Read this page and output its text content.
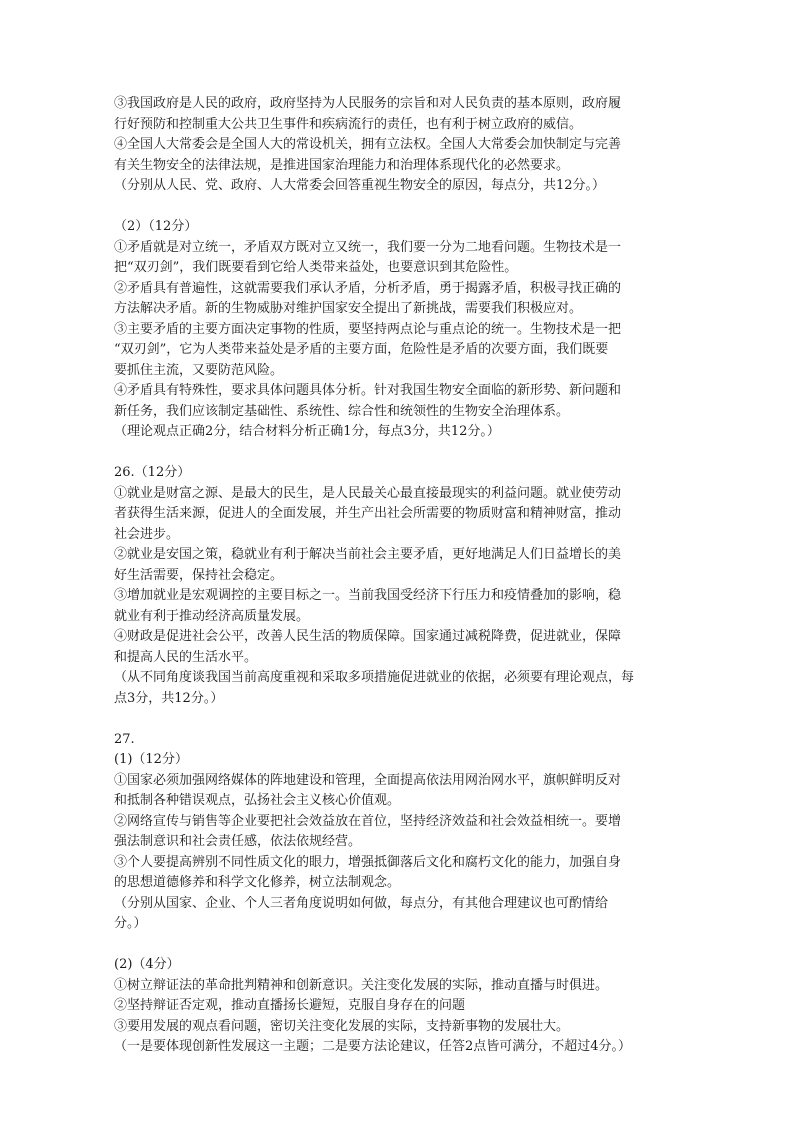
③我国政府是人民的政府，政府坚持为人民服务的宗旨和对人民负责的基本原则，政府履
行好预防和控制重大公共卫生事件和疾病流行的责任，也有利于树立政府的威信。
④全国人大常委会是全国人大的常设机关，拥有立法权。全国人大常委会加快制定与完善
有关生物安全的法律法规，是推进国家治理能力和治理体系现代化的必然要求。
（分别从人民、党、政府、人大常委会回答重视生物安全的原因，每点分，共12分。）
（2）（12分）
①矛盾就是对立统一，矛盾双方既对立又统一，我们要一分为二地看问题。生物技术是一
把“双刃剑”，我们既要看到它给人类带来益处，也要意识到其危险性。
②矛盾具有普遍性，这就需要我们承认矛盾，分析矛盾，勇于揭露矛盾，积极寻找正确的
方法解决矛盾。新的生物威胁对维护国家安全提出了新挑战，需要我们积极应对。
③主要矛盾的主要方面决定事物的性质，要坚持两点论与重点论的统一。生物技术是一把
“双刃剑”，它为人类带来益处是矛盾的主要方面，危险性是矛盾的次要方面，我们既要
要抓住主流，又要防范风险。
④矛盾具有特殊性，要求具体问题具体分析。针对我国生物安全面临的新形势、新问题和
新任务，我们应该制定基础性、系统性、综合性和统领性的生物安全治理体系。
（理论观点正确2分，结合材料分析正确1分，每点3分，共12分。）
26.（12分）
①就业是财富之源、是最大的民生，是人民最关心最直接最现实的利益问题。就业使劳动
者获得生活来源，促进人的全面发展，并生产出社会所需要的物质财富和精神财富，推动
社会进步。
②就业是安国之策，稳就业有利于解决当前社会主要矛盾，更好地满足人们日益增长的美
好生活需要，保持社会稳定。
③增加就业是宏观调控的主要目标之一。当前我国受经济下行压力和疫情叠加的影响，稳
就业有利于推动经济高质量发展。
④财政是促进社会公平，改善人民生活的物质保障。国家通过减税降费，促进就业，保障
和提高人民的生活水平。
（从不同角度谈我国当前高度重视和采取多项措施促进就业的依据，必须要有理论观点，每
点3分，共12分。）
27.
(1)（12分）
①国家必须加强网络媒体的阵地建设和管理，全面提高依法用网治网水平，旗帜鲜明反对
和抵制各种错误观点，弘扬社会主义核心价值观。
②网络宣传与销售等企业要把社会效益放在首位，坚持经济效益和社会效益相统一。要增
强法制意识和社会责任感，依法依规经营。
③个人要提高辨别不同性质文化的眼力，增强抵御落后文化和腐朽文化的能力，加强自身
的思想道德修养和科学文化修养，树立法制观念。
（分别从国家、企业、个人三者角度说明如何做，每点分，有其他合理建议也可酌情给
分。）
(2)（4分）
①树立辩证法的革命批判精神和创新意识。关注变化发展的实际，推动直播与时俱进。
②坚持辩证否定观，推动直播扬长避短，克服自身存在的问题
③要用发展的观点看问题，密切关注变化发展的实际，支持新事物的发展壮大。
（一是要体现创新性发展这一主题；二是要方法论建议，任答2点皆可满分，不超过4分。）
